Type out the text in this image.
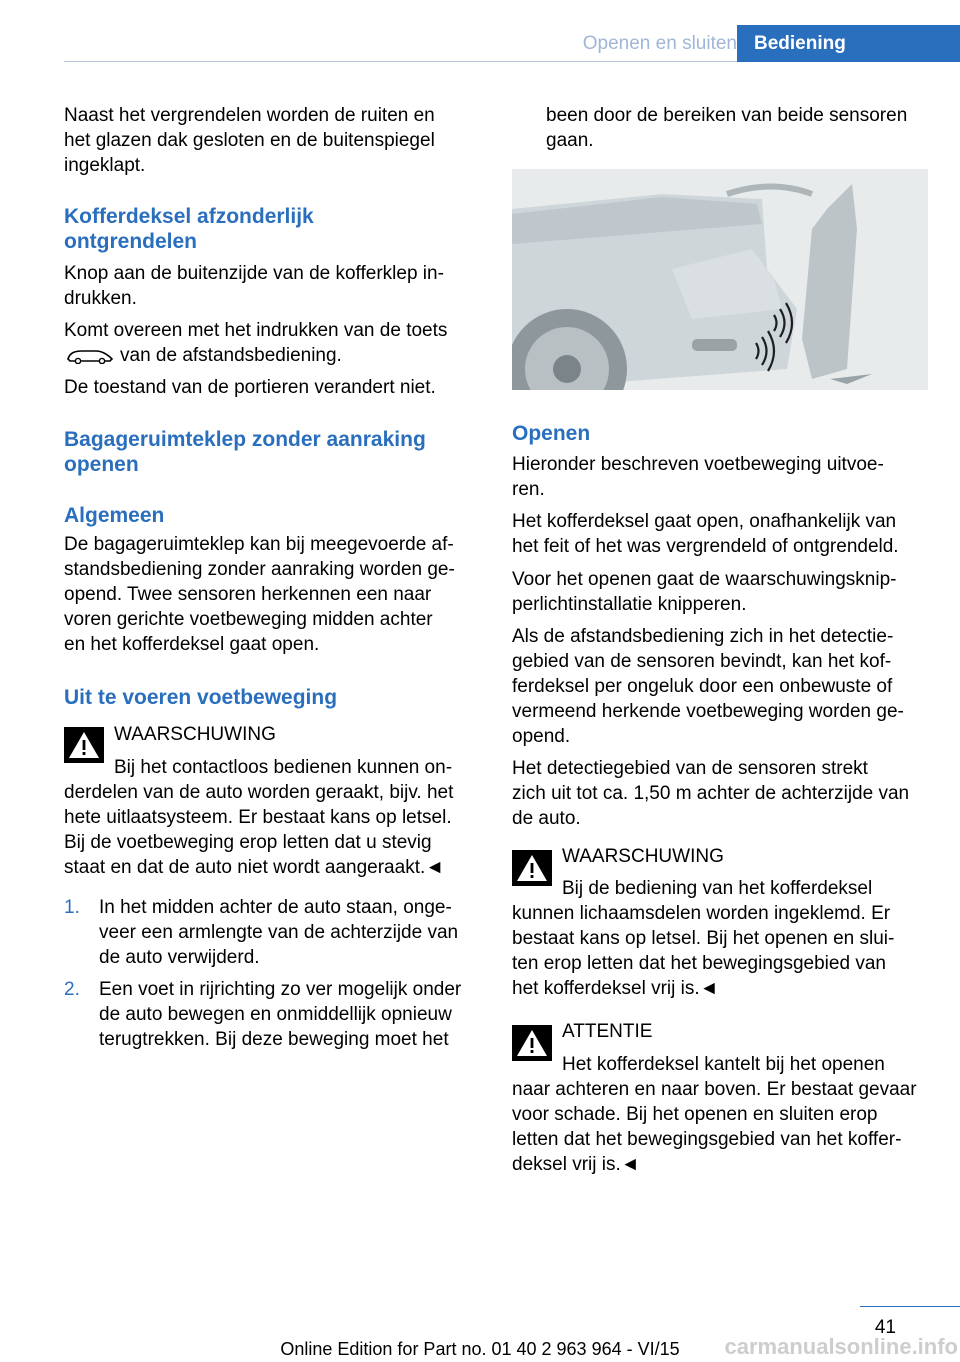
Openen en sluiten Bediening

Naast het vergrendelen worden de ruiten en
het glazen dak gesloten en de buitenspiegel
ingeklapt.

Kofferdeksel afzonderlijk
ontgrendelen

Knop aan de buitenzijde van de kofferklep in-
drukken.

Komt overeen met het indrukken van de toets
van de afstandsbediening.

De toestand van de portieren verandert niet.

Bagageruimteklep zonder aanraking
openen
Algemeen

De bagageruimteklep kan bij meegevoerde af-
standsbediening zonder aanraking worden ge-
opend. Twee sensoren herkennen een naar
voren gerichte voetbeweging midden achter
en het kofferdeksel gaat open.

Uit te voeren voetbeweging
WAARSCHUWING

Bij het contactloos bedienen kunnen on-
derdelen van de auto worden geraakt, bijv. het
hete uitlaatsysteem. Er bestaat kans op letsel.
Bij de voetbeweging erop letten dat u stevig
staat en dat de auto niet wordt aangeraakt.◄

1. In het midden achter de auto staan, onge-
veer een armlengte van de achterzijde van
de auto verwijderd.

2. Een voet in rijrichting zo ver mogelijk onder
de auto bewegen en onmiddellijk opnieuw
terugtrekken. Bij deze beweging moet het

been door de bereiken van beide sensoren
gaan.

Openen

Hieronder beschreven voetbeweging uitvoe-
ren.

Het kofferdeksel gaat open, onafhankelijk van
het feit of het was vergrendeld of ontgrendeld.

Voor het openen gaat de waarschuwingsknip-
perlichtinstallatie knipperen.

Als de afstandsbediening zich in het detectie-
gebied van de sensoren bevindt, kan het kof-
ferdeksel per ongeluk door een onbewuste of
vermeend herkende voetbeweging worden ge-
opend.

Het detectiegebied van de sensoren strekt
zich uit tot ca. 1,50 m achter de achterzijde van
de auto.

WAARSCHUWING

Bij de bediening van het kofferdeksel
kunnen lichaamsdelen worden ingeklemd. Er
bestaat kans op letsel. Bij het openen en slui-
ten erop letten dat het bewegingsgebied van
het kofferdeksel vrij is.◄

ATTENTIE

Het kofferdeksel kantelt bij het openen
naar achteren en naar boven. Er bestaat gevaar
voor schade. Bij het openen en sluiten erop
letten dat het bewegingsgebied van het koffer-
deksel vrij is.◄

41
Online Edition for Part no. 01 40 2 963 964 - VI/15	carmanualsonline.info
